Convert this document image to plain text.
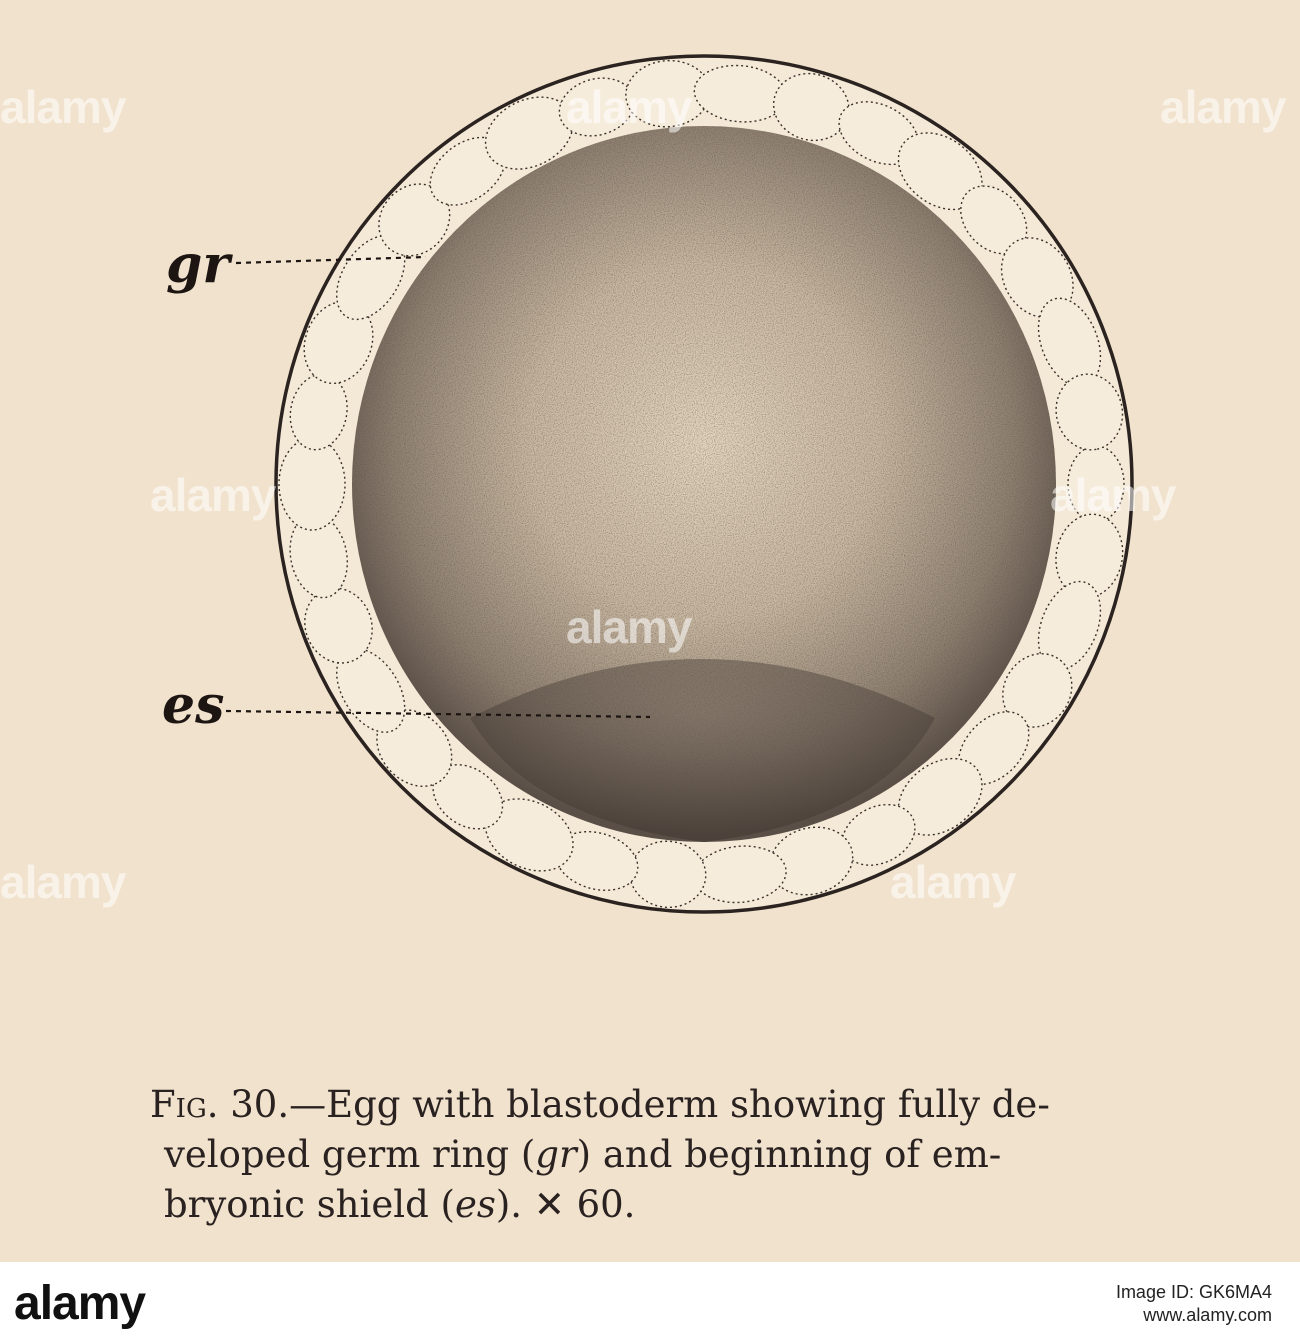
gr
es
alamy	alamy	alamy
alamy	alamy
alamy
alamy	alamy
Fig. 30.—Egg with blastoderm showing fully de-
veloped germ ring (gr) and beginning of em-
bryonic shield (es). ✕ 60.
alamy	Image ID: GK6MA4
www.alamy.com
